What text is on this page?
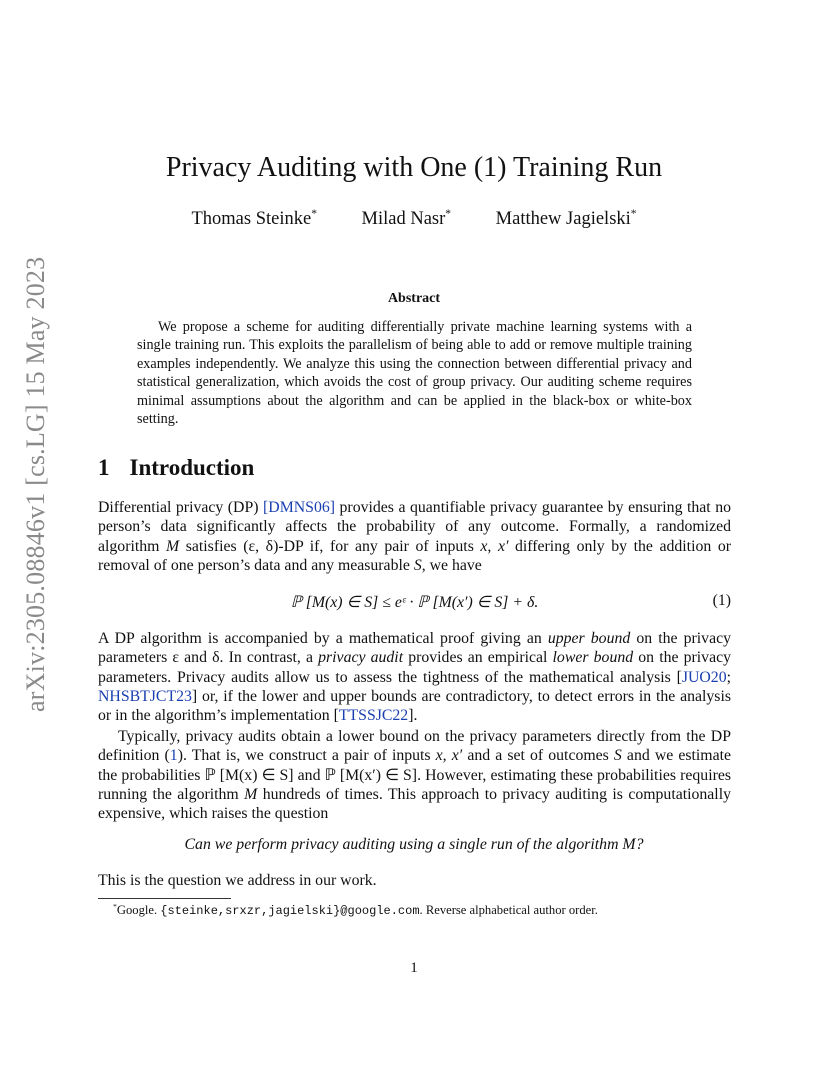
arXiv:2305.08846v1 [cs.LG] 15 May 2023
Privacy Auditing with One (1) Training Run
Thomas Steinke* Milad Nasr* Matthew Jagielski*
Abstract
We propose a scheme for auditing differentially private machine learning systems with a single training run. This exploits the parallelism of being able to add or remove multiple training examples independently. We analyze this using the connection between differential privacy and statistical generalization, which avoids the cost of group privacy. Our auditing scheme requires minimal assumptions about the algorithm and can be applied in the black-box or white-box setting.
1 Introduction
Differential privacy (DP) [DMNS06] provides a quantifiable privacy guarantee by ensuring that no person’s data significantly affects the probability of any outcome. Formally, a randomized algorithm M satisfies (ε, δ)-DP if, for any pair of inputs x, x′ differing only by the addition or removal of one person’s data and any measurable S, we have
ℙ [M(x) ∈ S] ≤ eᵋ · ℙ [M(x′) ∈ S] + δ.	(1)
A DP algorithm is accompanied by a mathematical proof giving an upper bound on the privacy parameters ε and δ. In contrast, a privacy audit provides an empirical lower bound on the privacy parameters. Privacy audits allow us to assess the tightness of the mathematical analysis [JUO20; NHSBTJCT23] or, if the lower and upper bounds are contradictory, to detect errors in the analysis or in the algorithm’s implementation [TTSSJC22].
Typically, privacy audits obtain a lower bound on the privacy parameters directly from the DP definition (1). That is, we construct a pair of inputs x, x′ and a set of outcomes S and we estimate the probabilities ℙ [M(x) ∈ S] and ℙ [M(x′) ∈ S]. However, estimating these probabilities requires running the algorithm M hundreds of times. This approach to privacy auditing is computationally expensive, which raises the question
Can we perform privacy auditing using a single run of the algorithm M?
This is the question we address in our work.
*Google. {steinke,srxzr,jagielski}@google.com. Reverse alphabetical author order.
1
